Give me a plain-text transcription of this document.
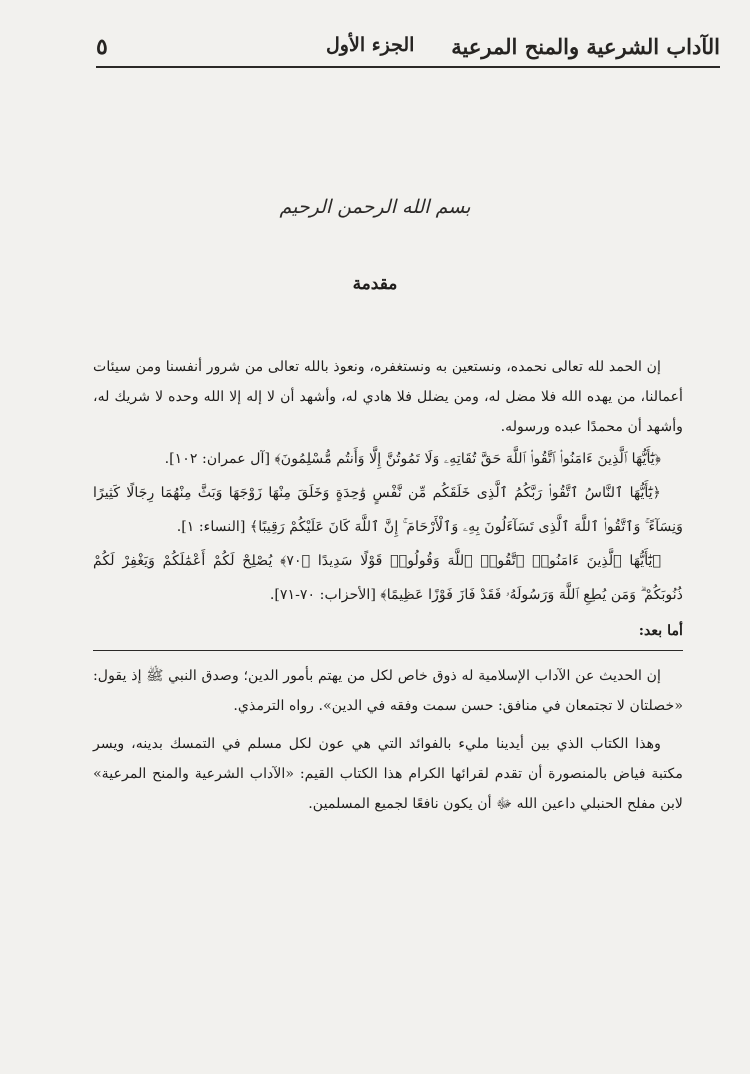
الآداب الشرعية والمنح المرعية
الجزء الأول
٥
بسم الله الرحمن الرحيم
مقدمة

إن الحمد لله تعالى نحمده، ونستعين به ونستغفره، ونعوذ بالله تعالى من شرور أنفسنا ومن سيئات أعمالنا، من يهده الله فلا مضل له، ومن يضلل فلا هادي له، وأشهد أن لا إله إلا الله وحده لا شريك له، وأشهد أن محمدًا عبده ورسوله.

﴿يَٰٓأَيُّهَا ٱلَّذِينَ ءَامَنُوا۟ ٱتَّقُوا۟ ٱللَّهَ حَقَّ تُقَاتِهِۦ وَلَا تَمُوتُنَّ إِلَّا وَأَنتُم مُّسْلِمُونَ﴾ [آل عمران: ١٠٢].

﴿يَٰٓأَيُّهَا ٱلنَّاسُ ٱتَّقُوا۟ رَبَّكُمُ ٱلَّذِى خَلَقَكُم مِّن نَّفْسٍ وَٰحِدَةٍ وَخَلَقَ مِنْهَا زَوْجَهَا وَبَثَّ مِنْهُمَا رِجَالًا كَثِيرًا وَنِسَآءً ۚ وَٱتَّقُوا۟ ٱللَّهَ ٱلَّذِى تَسَآءَلُونَ بِهِۦ وَٱلْأَرْحَامَ ۚ إِنَّ ٱللَّهَ كَانَ عَلَيْكُمْ رَقِيبًا﴾ [النساء: ١].

﴿يَٰٓأَيُّهَا ٱلَّذِينَ ءَامَنُوا۟ ٱتَّقُوا۟ ٱللَّهَ وَقُولُوا۟ قَوْلًا سَدِيدًا ﴿٧٠﴾ يُصْلِحْ لَكُمْ أَعْمَٰلَكُمْ وَيَغْفِرْ لَكُمْ ذُنُوبَكُمْ ۗ وَمَن يُطِعِ ٱللَّهَ وَرَسُولَهُۥ فَقَدْ فَازَ فَوْزًا عَظِيمًا﴾ [الأحزاب: ٧٠-٧١].

أما بعد:

إن الحديث عن الآداب الإسلامية له ذوق خاص لكل من يهتم بأمور الدين؛ وصدق النبي ﷺ إذ يقول: «خصلتان لا تجتمعان في منافق: حسن سمت وفقه في الدين». رواه الترمذي.

وهذا الكتاب الذي بين أيدينا مليء بالفوائد التي هي عون لكل مسلم في التمسك بدينه، ويسر مكتبة فياض بالمنصورة أن تقدم لقرائها الكرام هذا الكتاب القيم: «الآداب الشرعية والمنح المرعية» لابن مفلح الحنبلي داعين الله ﷻ أن يكون نافعًا لجميع المسلمين.
